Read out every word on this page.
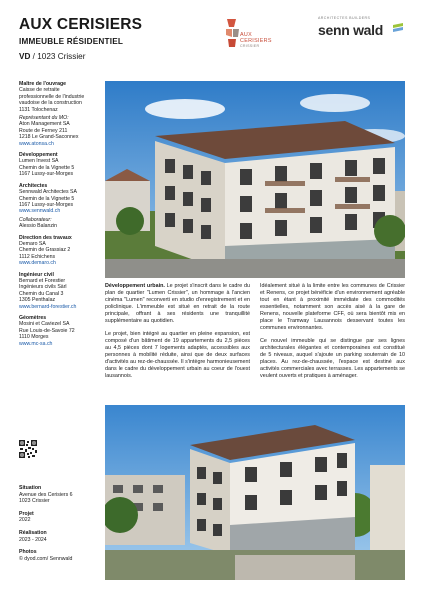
AUX CERISIERS
IMMEUBLE RÉSIDENTIEL
VD / 1023 Crissier
AUX
CERISIERS
CRISSIER
ARCHITECTES BUILDERS
senn wald
Maître de l'ouvrage
Caisse de retraite
professionnelle de l'industrie
vaudoise de la construction
1131 Tolochenaz
Représentant du MO:
Aton Management SA
Route de Ferney 211
1218 Le Grand-Saconnex
www.atonsa.ch
Développement
Lumen Invest SA
Chemin de la Vignette 5
1167 Lussy-sur-Morges
Architectes
Sennwald Architectes SA
Chemin de la Vignette 5
1167 Lussy-sur-Morges
www.sennwald.ch
Collaborateur:
Alessio Balanzin
Direction des travaux
Demaro SA
Chemin de Grassiaz 2
1112 Echichens
www.demaro.ch
Ingénieur civil
Bernard et Forestier
Ingénieurs civils Sàrl
Chemin du Canal 3
1305 Penthalaz
www.bernard-forestier.ch
Géomètres
Mosini et Caviezel SA
Rue Louis-de-Savoie 72
1110 Morges
www.mc-sa.ch
Situation
Avenue des Cerisiers 6
1023 Crissier
Projet
2022
Réalisation
2023 - 2024
Photos
© dyod.com/ Sennwald

Développement urbain. Le projet s'inscrit dans le cadre du plan de quartier "Lumen Crissier", un hommage à l'ancien cinéma "Lumen" reconverti en studio d'enregistrement et en policlinique. L'immeuble est situé en retrait de la route principale, offrant à ses résidents une tranquillité supplémentaire au quotidien.

Le projet, bien intégré au quartier en pleine expansion, est composé d'un bâtiment de 19 appartements du 2,5 pièces au 4,5 pièces dont 7 logements adaptés, accessibles aux personnes à mobilité réduite, ainsi que de deux surfaces d'activités au rez-de-chaussée. Il s'intègre harmonieusement dans le cadre du développement urbain au coeur de l'ouest lausannois.

Idéalement situé à la limite entre les communes de Crissier et Renens, ce projet bénéficie d'un environnement agréable tout en étant à proximité immédiate des commodités essentielles, notamment son accès aisé à la gare de Renens, nouvelle plateforme CFF, où sera bientôt mis en place le Tramway Lausannois desservant toutes les communes environnantes.

Ce nouvel immeuble qui se distingue par ses lignes architecturales élégantes et contemporaines est constitué de 5 niveaux, auquel s'ajoute un parking souterrain de 10 places. Au rez-de-chaussée, l'espace est destiné aux activités commerciales avec terrasses. Les appartements se veulent ouverts et pratiques à aménager.
